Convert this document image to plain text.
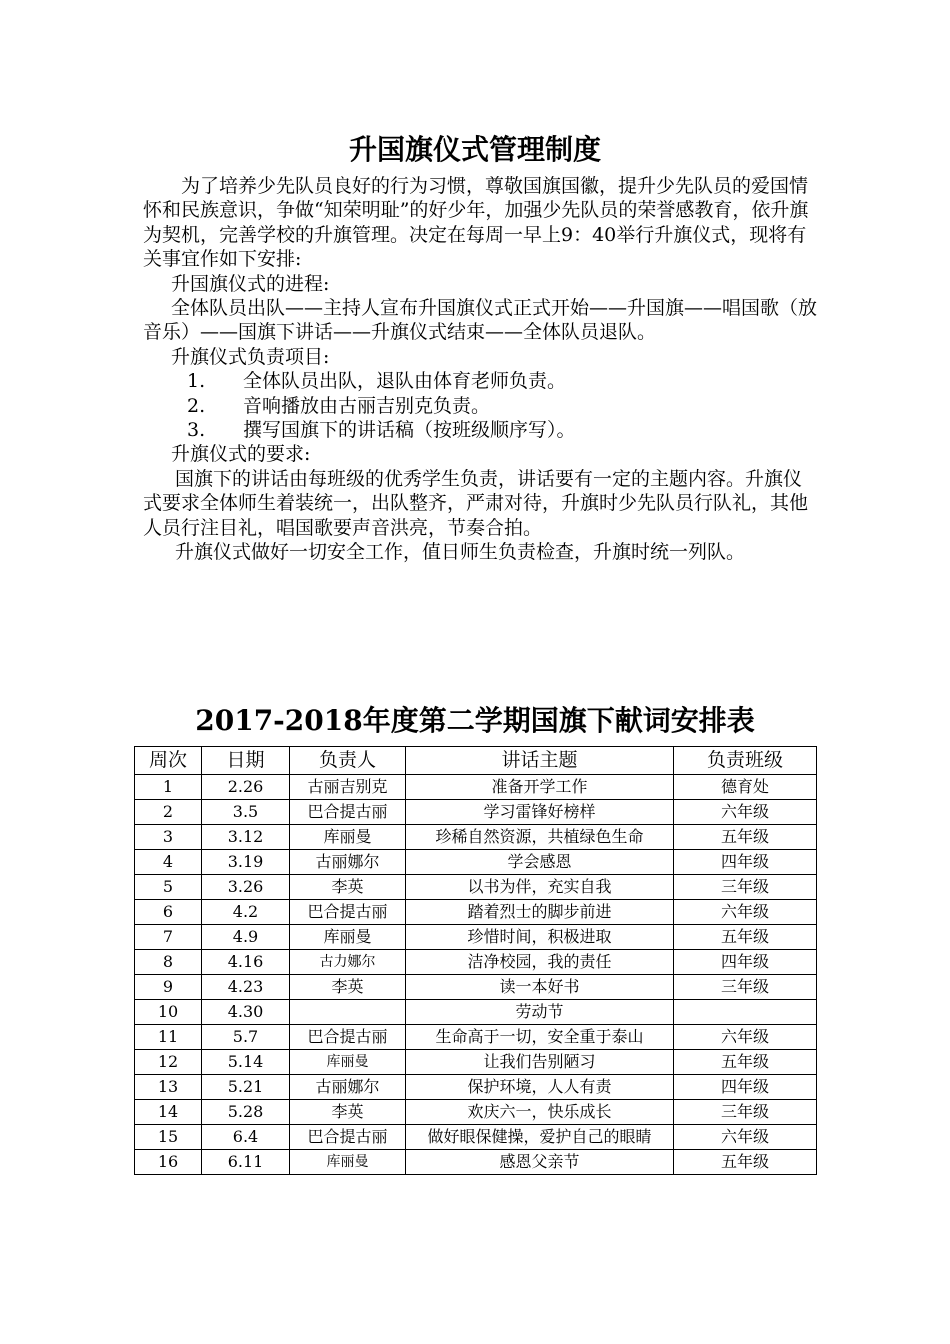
升国旗仪式管理制度

为了培养少先队员良好的行为习惯，尊敬国旗国徽，提升少先队员的爱国情怀和民族意识，争做“知荣明耻”的好少年，加强少先队员的荣誉感教育，依升旗为契机，完善学校的升旗管理。决定在每周一早上9：40举行升旗仪式，现将有关事宜作如下安排:

升国旗仪式的进程:

全体队员出队——主持人宣布升国旗仪式正式开始——升国旗——唱国歌（放音乐）——国旗下讲话——升旗仪式结束——全体队员退队。

升旗仪式负责项目:

1. 全体队员出队，退队由体育老师负责。

2. 音响播放由古丽吉别克负责。

3. 撰写国旗下的讲话稿（按班级顺序写）。

升旗仪式的要求:

国旗下的讲话由每班级的优秀学生负责，讲话要有一定的主题内容。升旗仪式要求全体师生着装统一，出队整齐，严肃对待，升旗时少先队员行队礼，其他人员行注目礼，唱国歌要声音洪亮，节奏合拍。

升旗仪式做好一切安全工作，值日师生负责检查，升旗时统一列队。

2017-2018年度第二学期国旗下献词安排表
周次	日期	负责人	讲话主题	负责班级
1	2.26	古丽吉别克	准备开学工作	德育处
2	3.5	巴合提古丽	学习雷锋好榜样	六年级
3	3.12	库丽曼	珍稀自然资源，共植绿色生命	五年级
4	3.19	古丽娜尔	学会感恩	四年级
5	3.26	李英	以书为伴，充实自我	三年级
6	4.2	巴合提古丽	踏着烈士的脚步前进	六年级
7	4.9	库丽曼	珍惜时间，积极进取	五年级
8	4.16	古力娜尔	洁净校园，我的责任	四年级
9	4.23	李英	读一本好书	三年级
10	4.30		劳动节	
11	5.7	巴合提古丽	生命高于一切，安全重于泰山	六年级
12	5.14	库丽曼	让我们告别陋习	五年级
13	5.21	古丽娜尔	保护环境，人人有责	四年级
14	5.28	李英	欢庆六一，快乐成长	三年级
15	6.4	巴合提古丽	做好眼保健操，爱护自己的眼睛	六年级
16	6.11	库丽曼	感恩父亲节	五年级
